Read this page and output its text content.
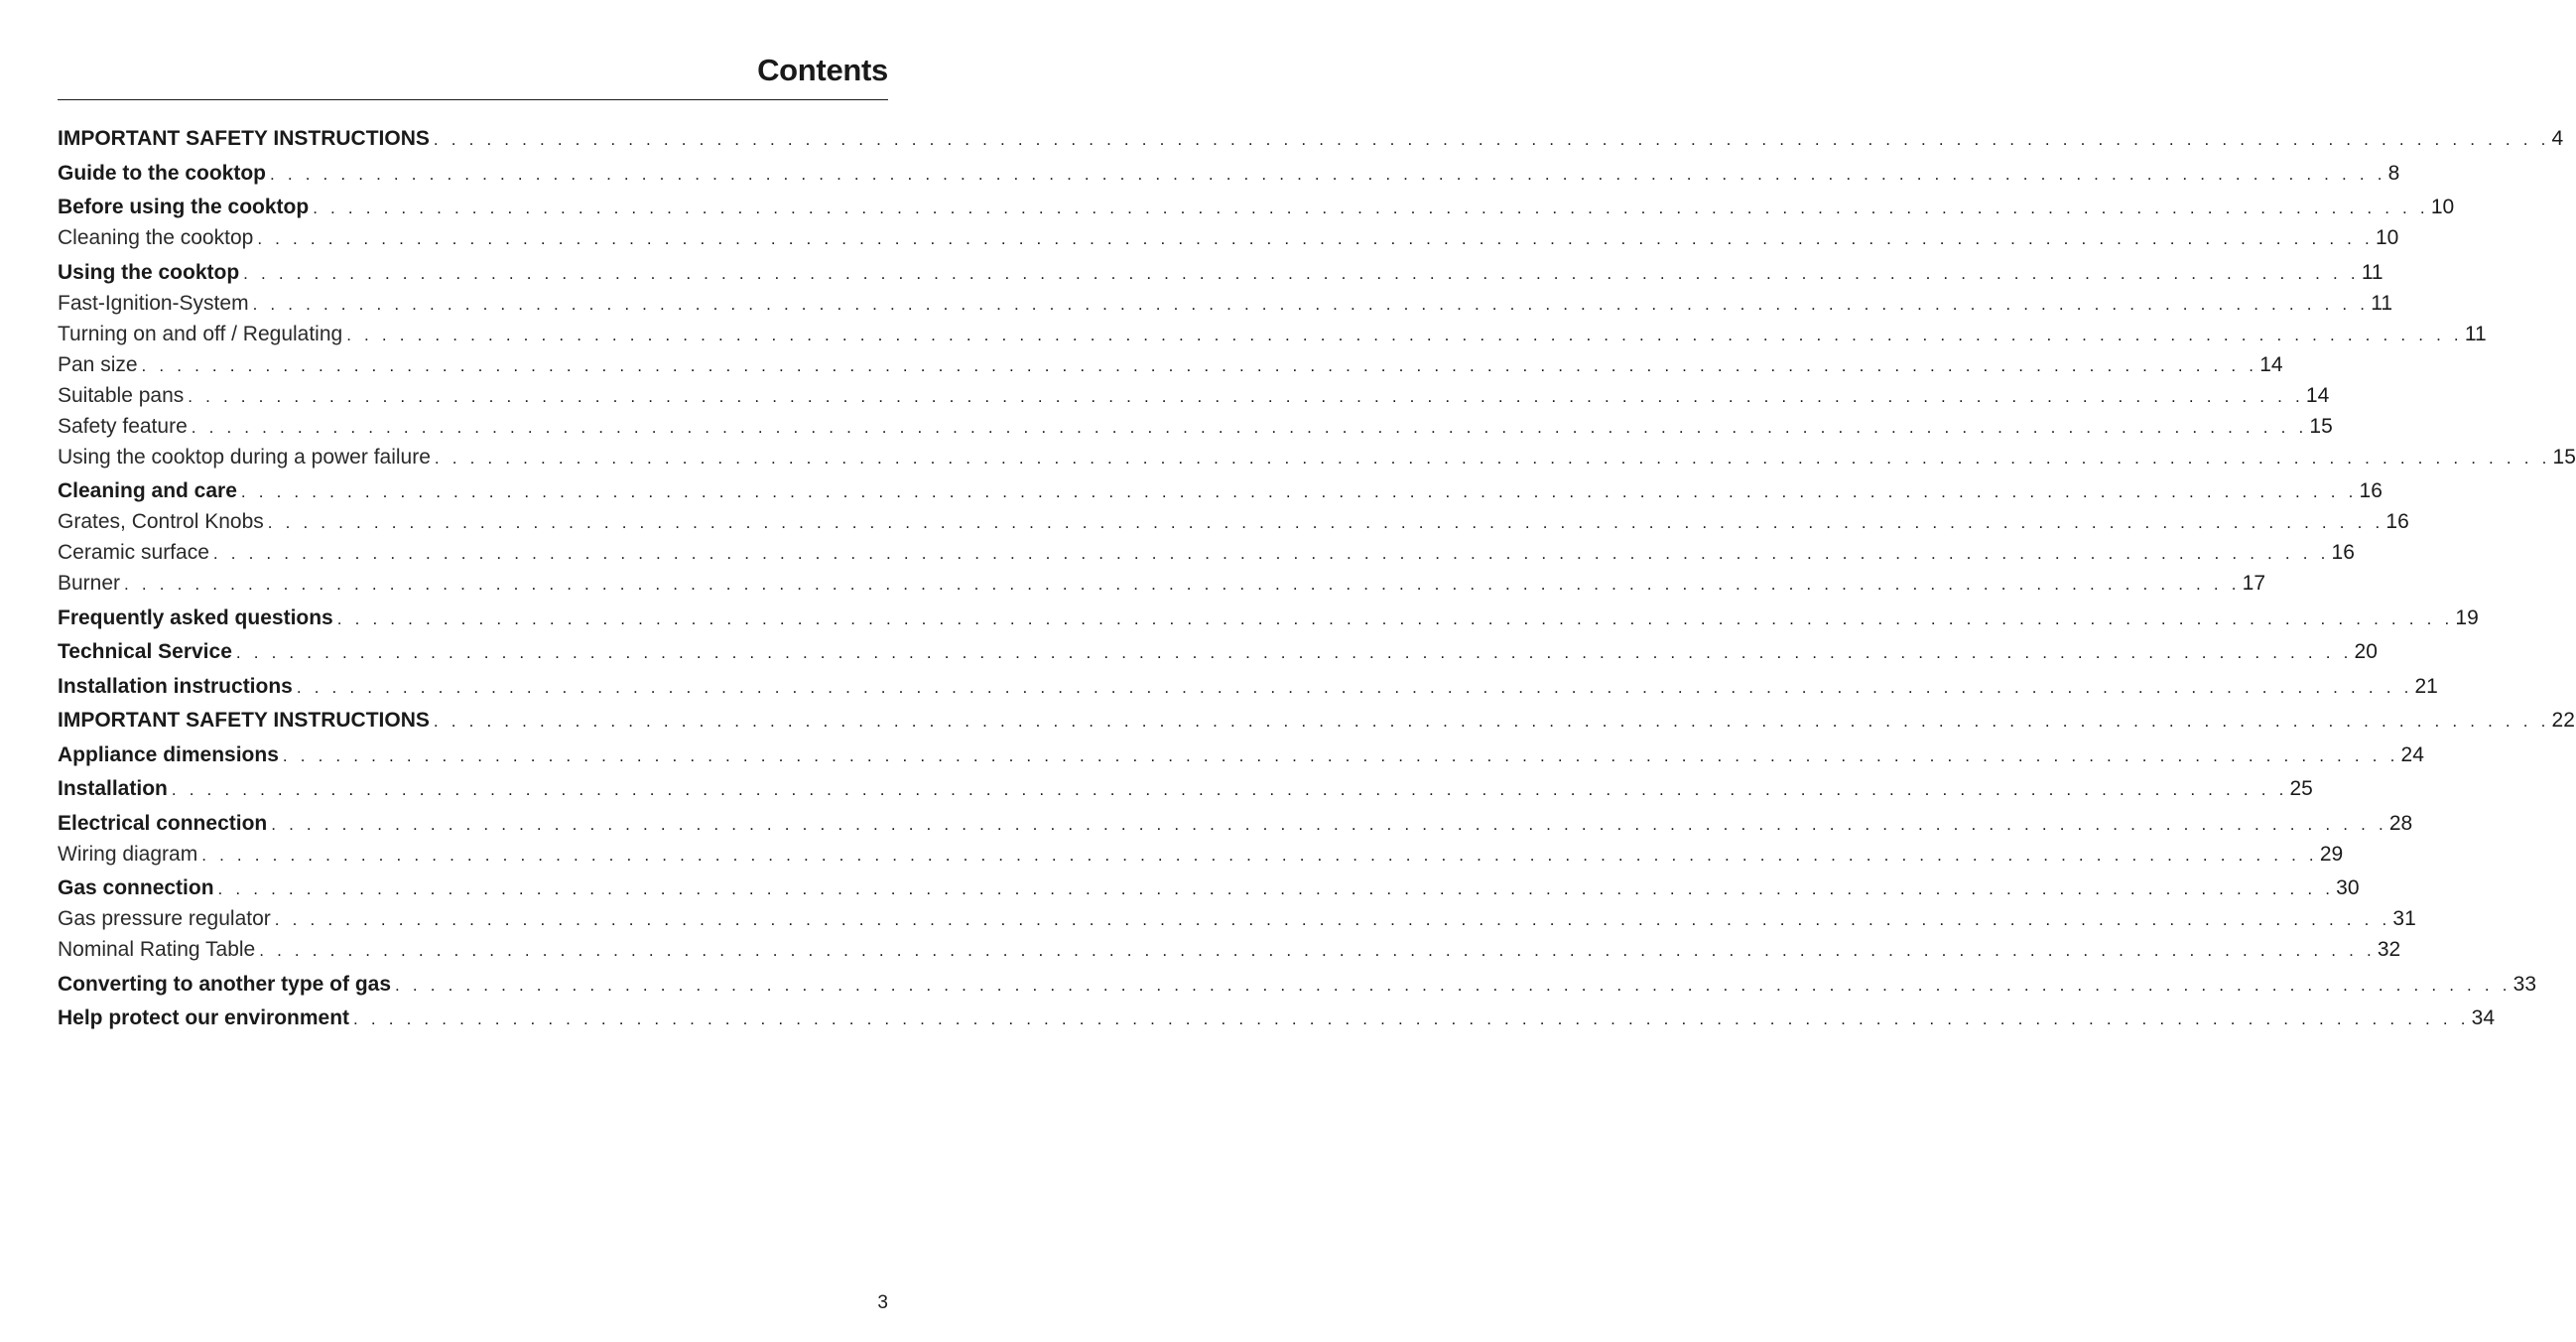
Contents
IMPORTANT SAFETY INSTRUCTIONS . . . . . . . . . . . . . . . . . . . . . . . . . . . . . . . . . . . . . . . . . . . . . . . . . . . . . . . . . . . . . . . . . . . . . . . . . . . . . . . . . . . . . . . . . . . . . . . . . . . . . . . . . . . . . . . . . . . . . . . . 4
Guide to the cooktop . . . . . . . . . . . . . . . . . . . . . . . . . . . . . . . . . . . . . . . . . . . . . . . . . . . . . . . . . . . . . . . . . . . . . . . . . . . . . . . . . . . . . . . . . . . . . . . . . . . . . . . . . . . . . . . . . . . . . . . . 8
Before using the cooktop . . . . . . . . . . . . . . . . . . . . . . . . . . . . . . . . . . . . . . . . . . . . . . . . . . . . . . . . . . . . . . . . . . . . . . . . . . . . . . . . . . . . . . . . . . . . . . . . . . . . . . . . . . . . . . . . . . . . . . . . 10
Cleaning the cooktop . . . . . . . . . . . . . . . . . . . . . . . . . . . . . . . . . . . . . . . . . . . . . . . . . . . . . . . . . . . . . . . . . . . . . . . . . . . . . . . . . . . . . . . . . . . . . . . . . . . . . . . . . . . . . . . . . . . . . . . . 10
Using the cooktop . . . . . . . . . . . . . . . . . . . . . . . . . . . . . . . . . . . . . . . . . . . . . . . . . . . . . . . . . . . . . . . . . . . . . . . . . . . . . . . . . . . . . . . . . . . . . . . . . . . . . . . . . . . . . . . . . . . . . . . . 11
Fast-Ignition-System . . . . . . . . . . . . . . . . . . . . . . . . . . . . . . . . . . . . . . . . . . . . . . . . . . . . . . . . . . . . . . . . . . . . . . . . . . . . . . . . . . . . . . . . . . . . . . . . . . . . . . . . . . . . . . . . . . . . . . . . 11
Turning on and off / Regulating . . . . . . . . . . . . . . . . . . . . . . . . . . . . . . . . . . . . . . . . . . . . . . . . . . . . . . . . . . . . . . . . . . . . . . . . . . . . . . . . . . . . . . . . . . . . . . . . . . . . . . . . . . . . . . . . . . . . . . . . 11
Pan size . . . . . . . . . . . . . . . . . . . . . . . . . . . . . . . . . . . . . . . . . . . . . . . . . . . . . . . . . . . . . . . . . . . . . . . . . . . . . . . . . . . . . . . . . . . . . . . . . . . . . . . . . . . . . . . . . . . . . . . . 14
Suitable pans . . . . . . . . . . . . . . . . . . . . . . . . . . . . . . . . . . . . . . . . . . . . . . . . . . . . . . . . . . . . . . . . . . . . . . . . . . . . . . . . . . . . . . . . . . . . . . . . . . . . . . . . . . . . . . . . . . . . . . . . 14
Safety feature . . . . . . . . . . . . . . . . . . . . . . . . . . . . . . . . . . . . . . . . . . . . . . . . . . . . . . . . . . . . . . . . . . . . . . . . . . . . . . . . . . . . . . . . . . . . . . . . . . . . . . . . . . . . . . . . . . . . . . . . 15
Using the cooktop during a power failure . . . . . . . . . . . . . . . . . . . . . . . . . . . . . . . . . . . . . . . . . . . . . . . . . . . . . . . . . . . . . . . . . . . . . . . . . . . . . . . . . . . . . . . . . . . . . . . . . . . . . . . . . . . . . . . . . . . . . . . . 15
Cleaning and care . . . . . . . . . . . . . . . . . . . . . . . . . . . . . . . . . . . . . . . . . . . . . . . . . . . . . . . . . . . . . . . . . . . . . . . . . . . . . . . . . . . . . . . . . . . . . . . . . . . . . . . . . . . . . . . . . . . . . . . . 16
Grates, Control Knobs . . . . . . . . . . . . . . . . . . . . . . . . . . . . . . . . . . . . . . . . . . . . . . . . . . . . . . . . . . . . . . . . . . . . . . . . . . . . . . . . . . . . . . . . . . . . . . . . . . . . . . . . . . . . . . . . . . . . . . . . 16
Ceramic surface . . . . . . . . . . . . . . . . . . . . . . . . . . . . . . . . . . . . . . . . . . . . . . . . . . . . . . . . . . . . . . . . . . . . . . . . . . . . . . . . . . . . . . . . . . . . . . . . . . . . . . . . . . . . . . . . . . . . . . . . 16
Burner . . . . . . . . . . . . . . . . . . . . . . . . . . . . . . . . . . . . . . . . . . . . . . . . . . . . . . . . . . . . . . . . . . . . . . . . . . . . . . . . . . . . . . . . . . . . . . . . . . . . . . . . . . . . . . . . . . . . . . . . 17
Frequently asked questions . . . . . . . . . . . . . . . . . . . . . . . . . . . . . . . . . . . . . . . . . . . . . . . . . . . . . . . . . . . . . . . . . . . . . . . . . . . . . . . . . . . . . . . . . . . . . . . . . . . . . . . . . . . . . . . . . . . . . . . . 19
Technical Service . . . . . . . . . . . . . . . . . . . . . . . . . . . . . . . . . . . . . . . . . . . . . . . . . . . . . . . . . . . . . . . . . . . . . . . . . . . . . . . . . . . . . . . . . . . . . . . . . . . . . . . . . . . . . . . . . . . . . . . . 20
Installation instructions . . . . . . . . . . . . . . . . . . . . . . . . . . . . . . . . . . . . . . . . . . . . . . . . . . . . . . . . . . . . . . . . . . . . . . . . . . . . . . . . . . . . . . . . . . . . . . . . . . . . . . . . . . . . . . . . . . . . . . . . 21
IMPORTANT SAFETY INSTRUCTIONS . . . . . . . . . . . . . . . . . . . . . . . . . . . . . . . . . . . . . . . . . . . . . . . . . . . . . . . . . . . . . . . . . . . . . . . . . . . . . . . . . . . . . . . . . . . . . . . . . . . . . . . . . . . . . . . . . . . . . . . . 22
Appliance dimensions . . . . . . . . . . . . . . . . . . . . . . . . . . . . . . . . . . . . . . . . . . . . . . . . . . . . . . . . . . . . . . . . . . . . . . . . . . . . . . . . . . . . . . . . . . . . . . . . . . . . . . . . . . . . . . . . . . . . . . . . 24
Installation . . . . . . . . . . . . . . . . . . . . . . . . . . . . . . . . . . . . . . . . . . . . . . . . . . . . . . . . . . . . . . . . . . . . . . . . . . . . . . . . . . . . . . . . . . . . . . . . . . . . . . . . . . . . . . . . . . . . . . . . 25
Electrical connection . . . . . . . . . . . . . . . . . . . . . . . . . . . . . . . . . . . . . . . . . . . . . . . . . . . . . . . . . . . . . . . . . . . . . . . . . . . . . . . . . . . . . . . . . . . . . . . . . . . . . . . . . . . . . . . . . . . . . . . . 28
Wiring diagram . . . . . . . . . . . . . . . . . . . . . . . . . . . . . . . . . . . . . . . . . . . . . . . . . . . . . . . . . . . . . . . . . . . . . . . . . . . . . . . . . . . . . . . . . . . . . . . . . . . . . . . . . . . . . . . . . . . . . . . . 29
Gas connection . . . . . . . . . . . . . . . . . . . . . . . . . . . . . . . . . . . . . . . . . . . . . . . . . . . . . . . . . . . . . . . . . . . . . . . . . . . . . . . . . . . . . . . . . . . . . . . . . . . . . . . . . . . . . . . . . . . . . . . . 30
Gas pressure regulator . . . . . . . . . . . . . . . . . . . . . . . . . . . . . . . . . . . . . . . . . . . . . . . . . . . . . . . . . . . . . . . . . . . . . . . . . . . . . . . . . . . . . . . . . . . . . . . . . . . . . . . . . . . . . . . . . . . . . . . . 31
Nominal Rating Table . . . . . . . . . . . . . . . . . . . . . . . . . . . . . . . . . . . . . . . . . . . . . . . . . . . . . . . . . . . . . . . . . . . . . . . . . . . . . . . . . . . . . . . . . . . . . . . . . . . . . . . . . . . . . . . . . . . . . . . . 32
Converting to another type of gas . . . . . . . . . . . . . . . . . . . . . . . . . . . . . . . . . . . . . . . . . . . . . . . . . . . . . . . . . . . . . . . . . . . . . . . . . . . . . . . . . . . . . . . . . . . . . . . . . . . . . . . . . . . . . . . . . . . . . . . . 33
Help protect our environment . . . . . . . . . . . . . . . . . . . . . . . . . . . . . . . . . . . . . . . . . . . . . . . . . . . . . . . . . . . . . . . . . . . . . . . . . . . . . . . . . . . . . . . . . . . . . . . . . . . . . . . . . . . . . . . . . . . . . . . . 34
3
